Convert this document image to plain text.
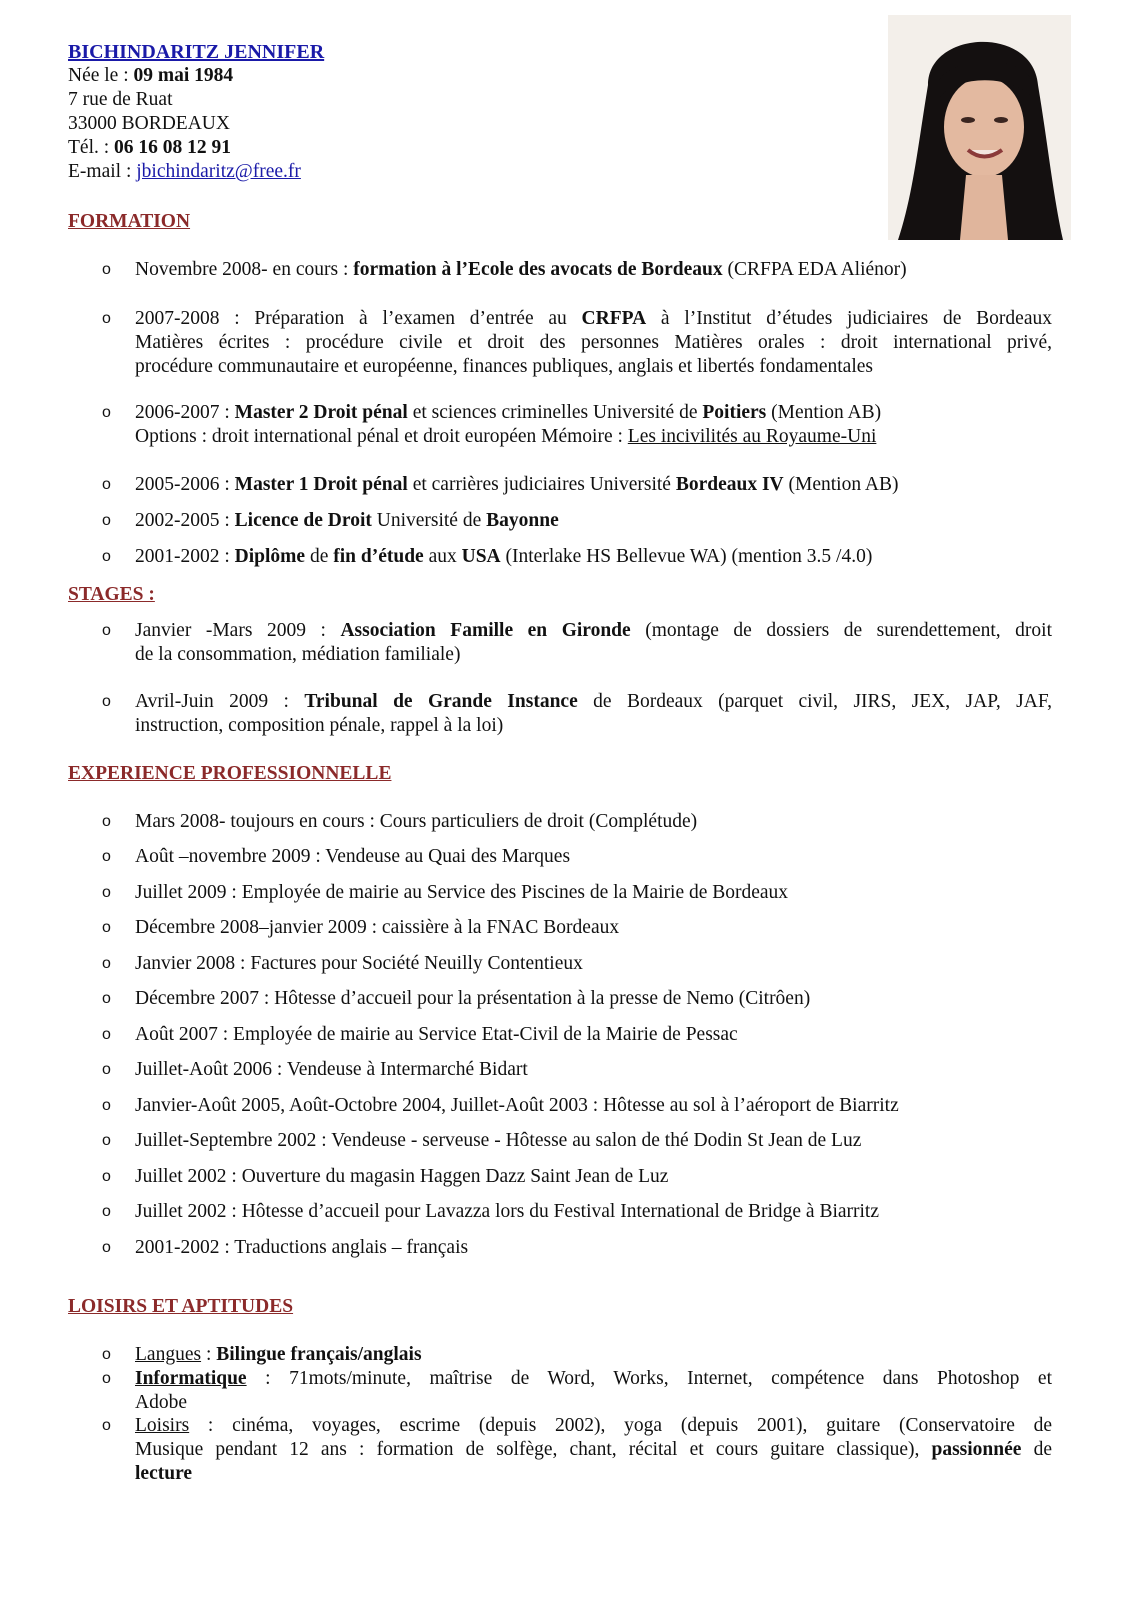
BICHINDARITZ JENNIFER
Née le : 09 mai 1984
7 rue de Ruat
33000 BORDEAUX
Tél. : 06 16 08 12 91
E-mail : jbichindaritz@free.fr
FORMATION
o	Novembre 2008- en cours : formation à l’Ecole des avocats de Bordeaux (CRFPA EDA Aliénor)
o	2007-2008 : Préparation à l’examen d’entrée au CRFPA à l’Institut d’études judiciaires de Bordeaux
Matières écrites : procédure civile et droit des personnes Matières orales : droit international privé,
procédure communautaire et européenne, finances publiques, anglais et libertés fondamentales
o	2006-2007 : Master 2 Droit pénal et sciences criminelles Université de Poitiers (Mention AB)
Options : droit international pénal et droit européen Mémoire : Les incivilités au Royaume-Uni
o	2005-2006 : Master 1 Droit pénal et carrières judiciaires Université Bordeaux IV (Mention AB)
o	2002-2005 : Licence de Droit Université de Bayonne
o	2001-2002 : Diplôme de fin d’étude aux USA (Interlake HS Bellevue WA) (mention 3.5 /4.0)
STAGES :
o	Janvier -Mars 2009 : Association Famille en Gironde (montage de dossiers de surendettement, droit
de la consommation, médiation familiale)
o	Avril-Juin 2009 : Tribunal de Grande Instance de Bordeaux (parquet civil, JIRS, JEX, JAP, JAF,
instruction, composition pénale, rappel à la loi)
EXPERIENCE PROFESSIONNELLE
o	Mars 2008- toujours en cours : Cours particuliers de droit (Complétude)
o	Août –novembre 2009 : Vendeuse au Quai des Marques
o	Juillet 2009 : Employée de mairie au Service des Piscines de la Mairie de Bordeaux
o	Décembre 2008–janvier 2009 : caissière à la FNAC Bordeaux
o	Janvier 2008 : Factures pour Société Neuilly Contentieux
o	Décembre 2007 : Hôtesse d’accueil pour la présentation à la presse de Nemo (Citrôen)
o	Août 2007 : Employée de mairie au Service Etat-Civil de la Mairie de Pessac
o	Juillet-Août 2006 : Vendeuse à Intermarché Bidart
o	Janvier-Août 2005, Août-Octobre 2004, Juillet-Août 2003 : Hôtesse au sol à l’aéroport de Biarritz
o	Juillet-Septembre 2002 : Vendeuse - serveuse - Hôtesse au salon de thé Dodin St Jean de Luz
o	Juillet 2002 : Ouverture du magasin Haggen Dazz Saint Jean de Luz
o	Juillet 2002 : Hôtesse d’accueil pour Lavazza lors du Festival International de Bridge à Biarritz
o	2001-2002 : Traductions anglais – français
LOISIRS ET APTITUDES
o	Langues : Bilingue français/anglais
o	Informatique : 71mots/minute, maîtrise de Word, Works, Internet, compétence dans Photoshop et
Adobe
o	Loisirs : cinéma, voyages, escrime (depuis 2002), yoga (depuis 2001), guitare (Conservatoire de
Musique pendant 12 ans : formation de solfège, chant, récital et cours guitare classique), passionnée de
lecture
